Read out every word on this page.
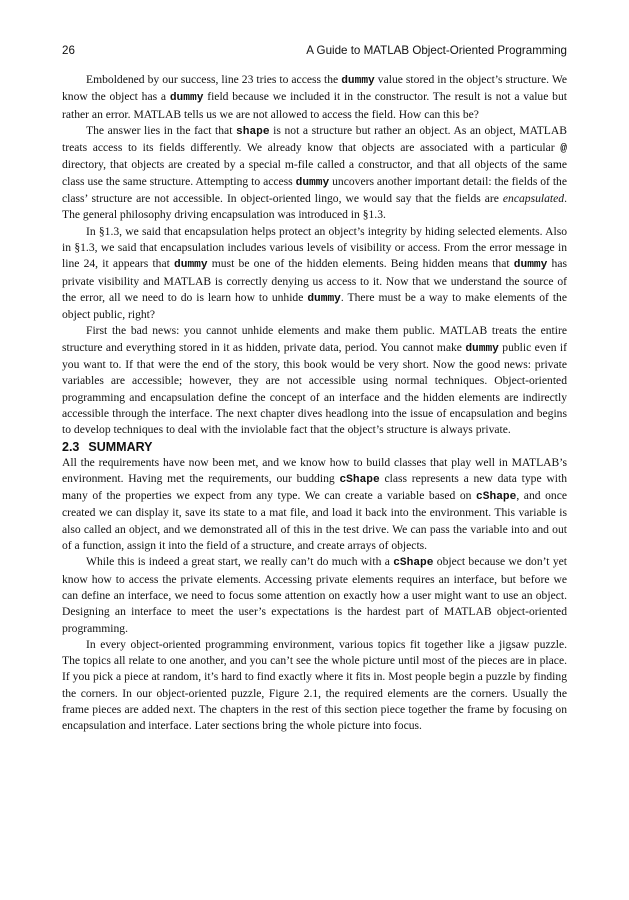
26	A Guide to MATLAB Object-Oriented Programming

Emboldened by our success, line 23 tries to access the dummy value stored in the object’s structure. We know the object has a dummy field because we included it in the constructor. The result is not a value but rather an error. MATLAB tells us we are not allowed to access the field. How can this be?

The answer lies in the fact that shape is not a structure but rather an object. As an object, MATLAB treats access to its fields differently. We already know that objects are associated with a particular @ directory, that objects are created by a special m-file called a constructor, and that all objects of the same class use the same structure. Attempting to access dummy uncovers another important detail: the fields of the class’ structure are not accessible. In object-oriented lingo, we would say that the fields are encapsulated. The general philosophy driving encapsulation was introduced in §1.3.

In §1.3, we said that encapsulation helps protect an object’s integrity by hiding selected elements. Also in §1.3, we said that encapsulation includes various levels of visibility or access. From the error message in line 24, it appears that dummy must be one of the hidden elements. Being hidden means that dummy has private visibility and MATLAB is correctly denying us access to it. Now that we understand the source of the error, all we need to do is learn how to unhide dummy. There must be a way to make elements of the object public, right?

First the bad news: you cannot unhide elements and make them public. MATLAB treats the entire structure and everything stored in it as hidden, private data, period. You cannot make dummy public even if you want to. If that were the end of the story, this book would be very short. Now the good news: private variables are accessible; however, they are not accessible using normal techniques. Object-oriented programming and encapsulation define the concept of an interface and the hidden elements are indirectly accessible through the interface. The next chapter dives headlong into the issue of encapsulation and begins to develop techniques to deal with the inviolable fact that the object’s structure is always private.

2.3 SUMMARY

All the requirements have now been met, and we know how to build classes that play well in MATLAB’s environment. Having met the requirements, our budding cShape class represents a new data type with many of the properties we expect from any type. We can create a variable based on cShape, and once created we can display it, save its state to a mat file, and load it back into the environment. This variable is also called an object, and we demonstrated all of this in the test drive. We can pass the variable into and out of a function, assign it into the field of a structure, and create arrays of objects.

While this is indeed a great start, we really can’t do much with a cShape object because we don’t yet know how to access the private elements. Accessing private elements requires an interface, but before we can define an interface, we need to focus some attention on exactly how a user might want to use an object. Designing an interface to meet the user’s expectations is the hardest part of MATLAB object-oriented programming.

In every object-oriented programming environment, various topics fit together like a jigsaw puzzle. The topics all relate to one another, and you can’t see the whole picture until most of the pieces are in place. If you pick a piece at random, it’s hard to find exactly where it fits in. Most people begin a puzzle by finding the corners. In our object-oriented puzzle, Figure 2.1, the required elements are the corners. Usually the frame pieces are added next. The chapters in the rest of this section piece together the frame by focusing on encapsulation and interface. Later sections bring the whole picture into focus.
